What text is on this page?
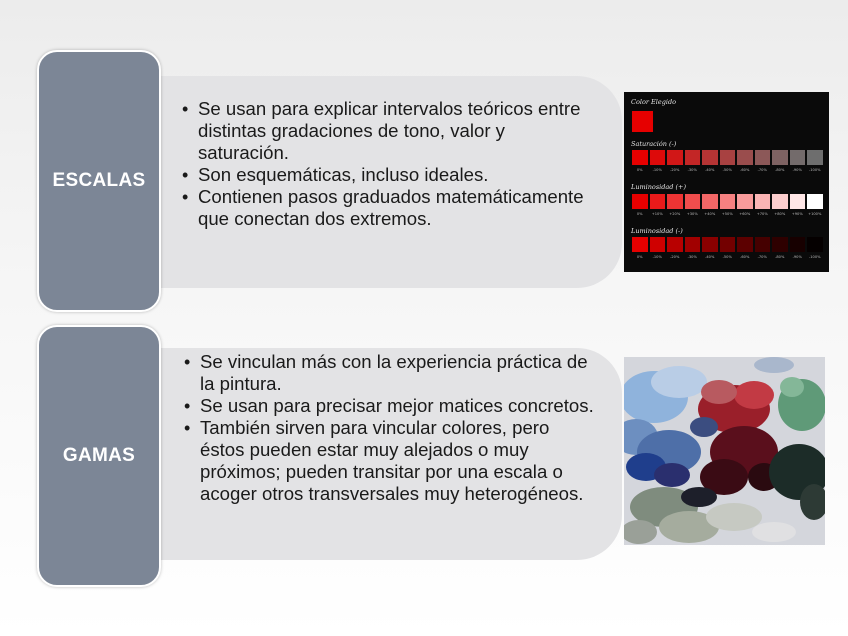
ESCALAS
• Se usan para explicar intervalos teóricos entre distintas gradaciones de tono, valor y saturación.
• Son esquemáticas, incluso ideales.
• Contienen pasos graduados matemáticamente que conectan dos extremos.
Color Elegido
Saturación (-)
0%	-10%	-20%	-30%	-40%	-50%	-60%	-70%	-80%	-90%	-100%
Luminosidad (+)
0%	+10%	+20%	+30%	+40%	+50%	+60%	+70%	+80%	+90%	+100%
Luminosidad (-)
0%	-10%	-20%	-30%	-40%	-50%	-60%	-70%	-80%	-90%	-100%
GAMAS
• Se vinculan más con la experiencia práctica de la pintura.
• Se usan para precisar mejor matices concretos.
• También sirven para vincular colores, pero éstos pueden estar muy alejados o muy próximos; pueden transitar por una escala o acoger otros transversales muy heterogéneos.
